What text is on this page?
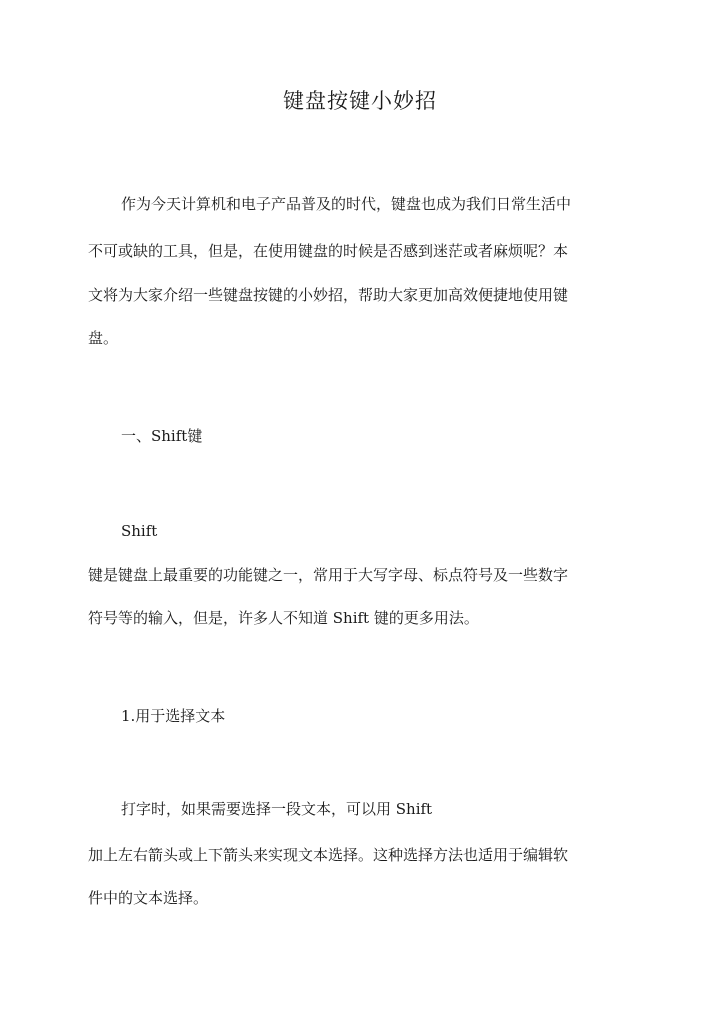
键盘按键小妙招
作为今天计算机和电子产品普及的时代，键盘也成为我们日常生活中
不可或缺的工具，但是，在使用键盘的时候是否感到迷茫或者麻烦呢？本
文将为大家介绍一些键盘按键的小妙招，帮助大家更加高效便捷地使用键
盘。
一、Shift键
Shift
键是键盘上最重要的功能键之一，常用于大写字母、标点符号及一些数字
符号等的输入，但是，许多人不知道 Shift 键的更多用法。
1.用于选择文本
打字时，如果需要选择一段文本，可以用 Shift
加上左右箭头或上下箭头来实现文本选择。这种选择方法也适用于编辑软
件中的文本选择。
